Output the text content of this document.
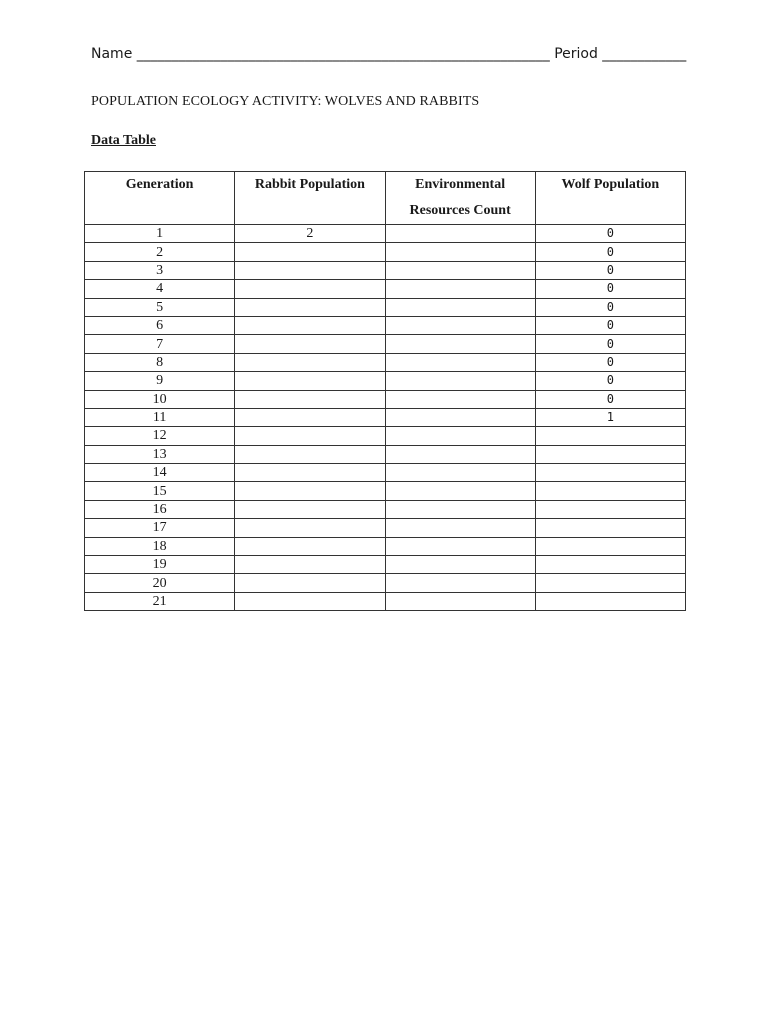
Name ___________________________________________________________ Period ____________
POPULATION ECOLOGY ACTIVITY: WOLVES AND RABBITS
Data Table
Generation	Rabbit Population	Environmental Resources Count	Wolf Population
1	2		0
2			0
3			0
4			0
5			0
6			0
7			0
8			0
9			0
10			0
11			1
12			
13			
14			
15			
16			
17			
18			
19			
20			
21			
